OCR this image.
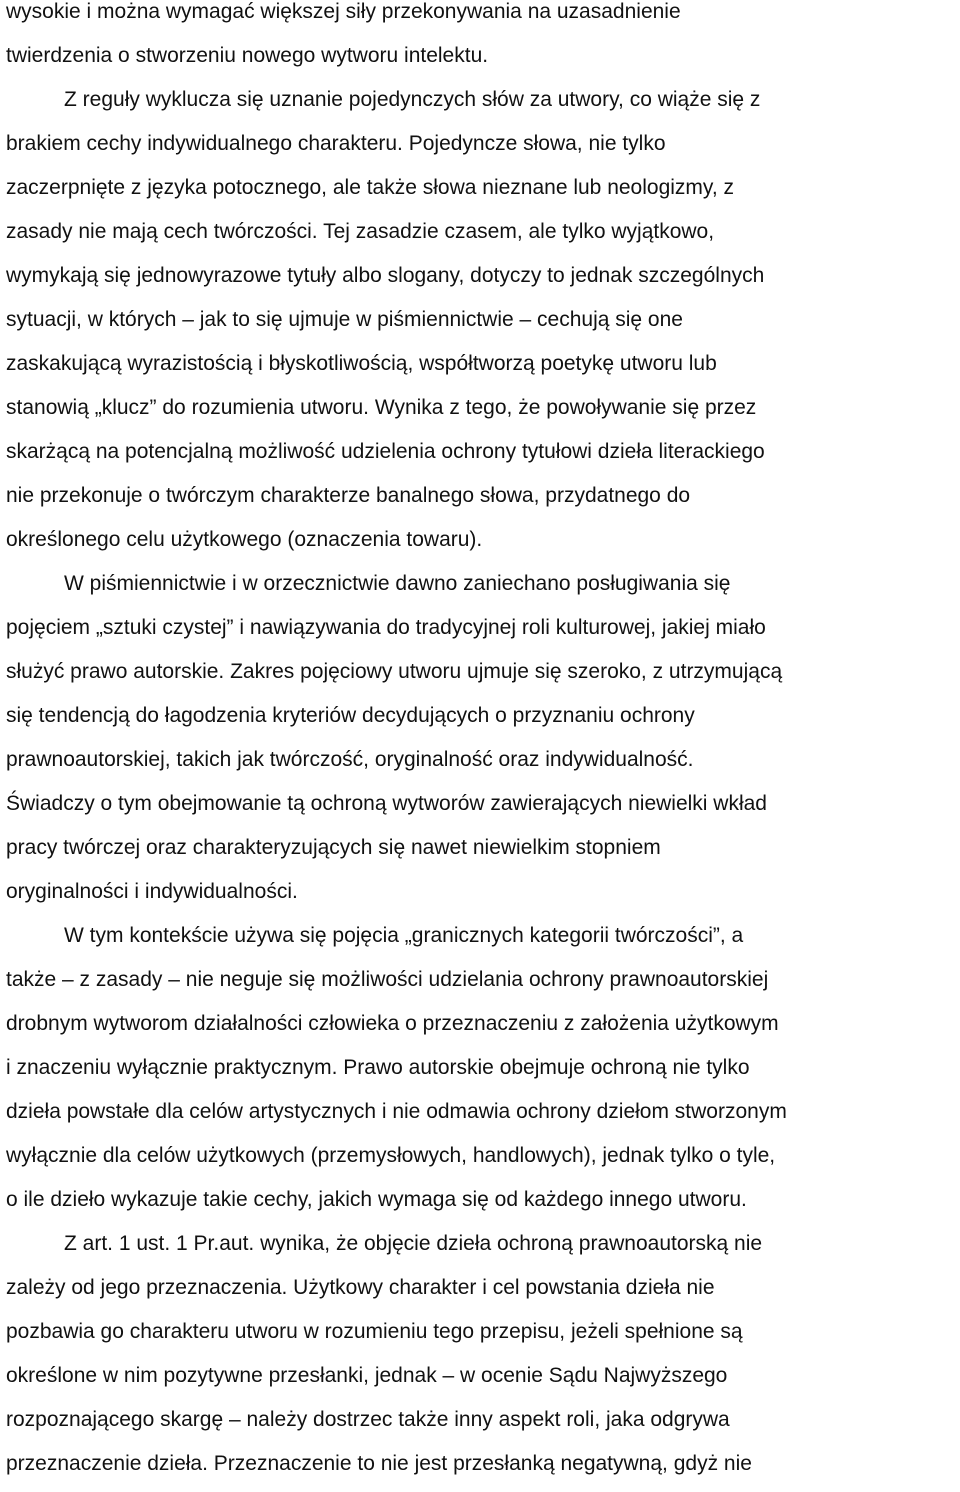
wysokie i można wymagać większej siły przekonywania na uzasadnienie

twierdzenia o stworzeniu nowego wytworu intelektu.

Z reguły wyklucza się uznanie pojedynczych słów za utwory, co wiąże się z

brakiem cechy indywidualnego charakteru. Pojedyncze słowa, nie tylko

zaczerpnięte z języka potocznego, ale także słowa nieznane lub neologizmy, z

zasady nie mają cech twórczości. Tej zasadzie czasem, ale tylko wyjątkowo,

wymykają się jednowyrazowe tytuły albo slogany, dotyczy to jednak szczególnych

sytuacji, w których – jak to się ujmuje w piśmiennictwie – cechują się one

zaskakującą wyrazistością i błyskotliwością, współtworzą poetykę utworu lub

stanowią „klucz” do rozumienia utworu. Wynika z tego, że powoływanie się przez

skarżącą na potencjalną możliwość udzielenia ochrony tytułowi dzieła literackiego

nie przekonuje o twórczym charakterze banalnego słowa, przydatnego do

określonego celu użytkowego (oznaczenia towaru).

W piśmiennictwie i w orzecznictwie dawno zaniechano posługiwania się

pojęciem „sztuki czystej” i nawiązywania do tradycyjnej roli kulturowej, jakiej miało

służyć prawo autorskie. Zakres pojęciowy utworu ujmuje się szeroko, z utrzymującą

się tendencją do łagodzenia kryteriów decydujących o przyznaniu ochrony

prawnoautorskiej, takich jak twórczość, oryginalność oraz indywidualność.

Świadczy o tym obejmowanie tą ochroną wytworów zawierających niewielki wkład

pracy twórczej oraz charakteryzujących się nawet niewielkim stopniem

oryginalności i indywidualności.

W tym kontekście używa się pojęcia „granicznych kategorii twórczości”, a

także – z zasady – nie neguje się możliwości udzielania ochrony prawnoautorskiej

drobnym wytworom działalności człowieka o przeznaczeniu z założenia użytkowym

i znaczeniu wyłącznie praktycznym. Prawo autorskie obejmuje ochroną nie tylko

dzieła powstałe dla celów artystycznych i nie odmawia ochrony dziełom stworzonym

wyłącznie dla celów użytkowych (przemysłowych, handlowych), jednak tylko o tyle,

o ile dzieło wykazuje takie cechy, jakich wymaga się od każdego innego utworu.

Z art. 1 ust. 1 Pr.aut. wynika, że objęcie dzieła ochroną prawnoautorską nie

zależy od jego przeznaczenia. Użytkowy charakter i cel powstania dzieła nie

pozbawia go charakteru utworu w rozumieniu tego przepisu, jeżeli spełnione są

określone w nim pozytywne przesłanki, jednak – w ocenie Sądu Najwyższego

rozpoznającego skargę – należy dostrzec także inny aspekt roli, jaka odgrywa

przeznaczenie dzieła. Przeznaczenie to nie jest przesłanką negatywną, gdyż nie
